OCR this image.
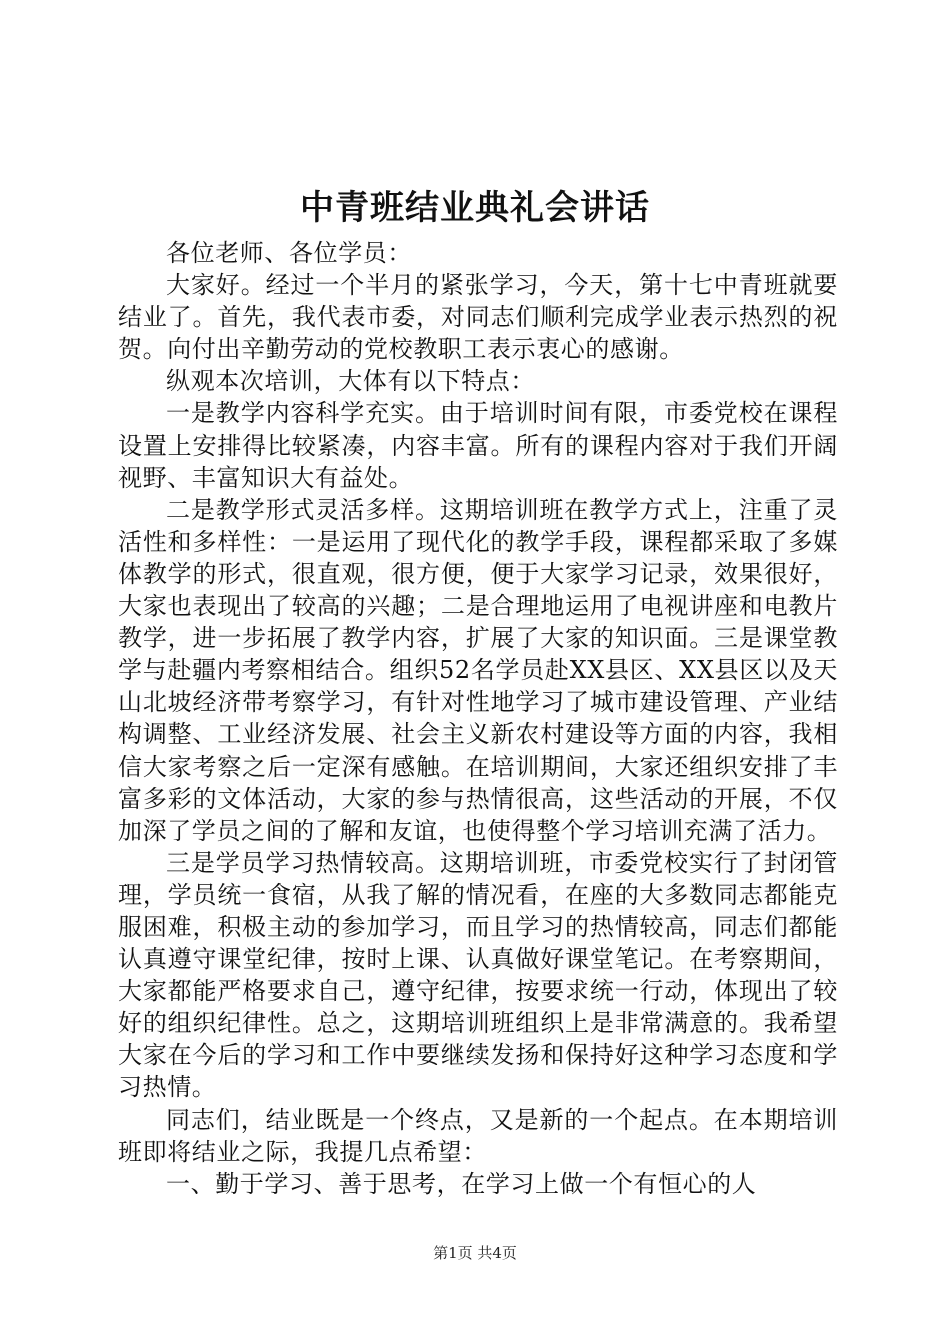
中青班结业典礼会讲话

各位老师、各位学员：

大家好。经过一个半月的紧张学习，今天，第十七中青班就要结业了。首先，我代表市委，对同志们顺利完成学业表示热烈的祝贺。向付出辛勤劳动的党校教职工表示衷心的感谢。

纵观本次培训，大体有以下特点：

一是教学内容科学充实。由于培训时间有限，市委党校在课程设置上安排得比较紧凑，内容丰富。所有的课程内容对于我们开阔视野、丰富知识大有益处。

二是教学形式灵活多样。这期培训班在教学方式上，注重了灵活性和多样性：一是运用了现代化的教学手段，课程都采取了多媒体教学的形式，很直观，很方便，便于大家学习记录，效果很好，大家也表现出了较高的兴趣；二是合理地运用了电视讲座和电教片教学，进一步拓展了教学内容，扩展了大家的知识面。三是课堂教学与赴疆内考察相结合。组织52名学员赴XX县区、XX县区以及天山北坡经济带考察学习，有针对性地学习了城市建设管理、产业结构调整、工业经济发展、社会主义新农村建设等方面的内容，我相信大家考察之后一定深有感触。在培训期间，大家还组织安排了丰富多彩的文体活动，大家的参与热情很高，这些活动的开展，不仅加深了学员之间的了解和友谊，也使得整个学习培训充满了活力。

三是学员学习热情较高。这期培训班，市委党校实行了封闭管理，学员统一食宿，从我了解的情况看，在座的大多数同志都能克服困难，积极主动的参加学习，而且学习的热情较高，同志们都能认真遵守课堂纪律，按时上课、认真做好课堂笔记。在考察期间，大家都能严格要求自己，遵守纪律，按要求统一行动，体现出了较好的组织纪律性。总之，这期培训班组织上是非常满意的。我希望大家在今后的学习和工作中要继续发扬和保持好这种学习态度和学习热情。

同志们，结业既是一个终点，又是新的一个起点。在本期培训班即将结业之际，我提几点希望：

一、勤于学习、善于思考，在学习上做一个有恒心的人

第1页 共4页
